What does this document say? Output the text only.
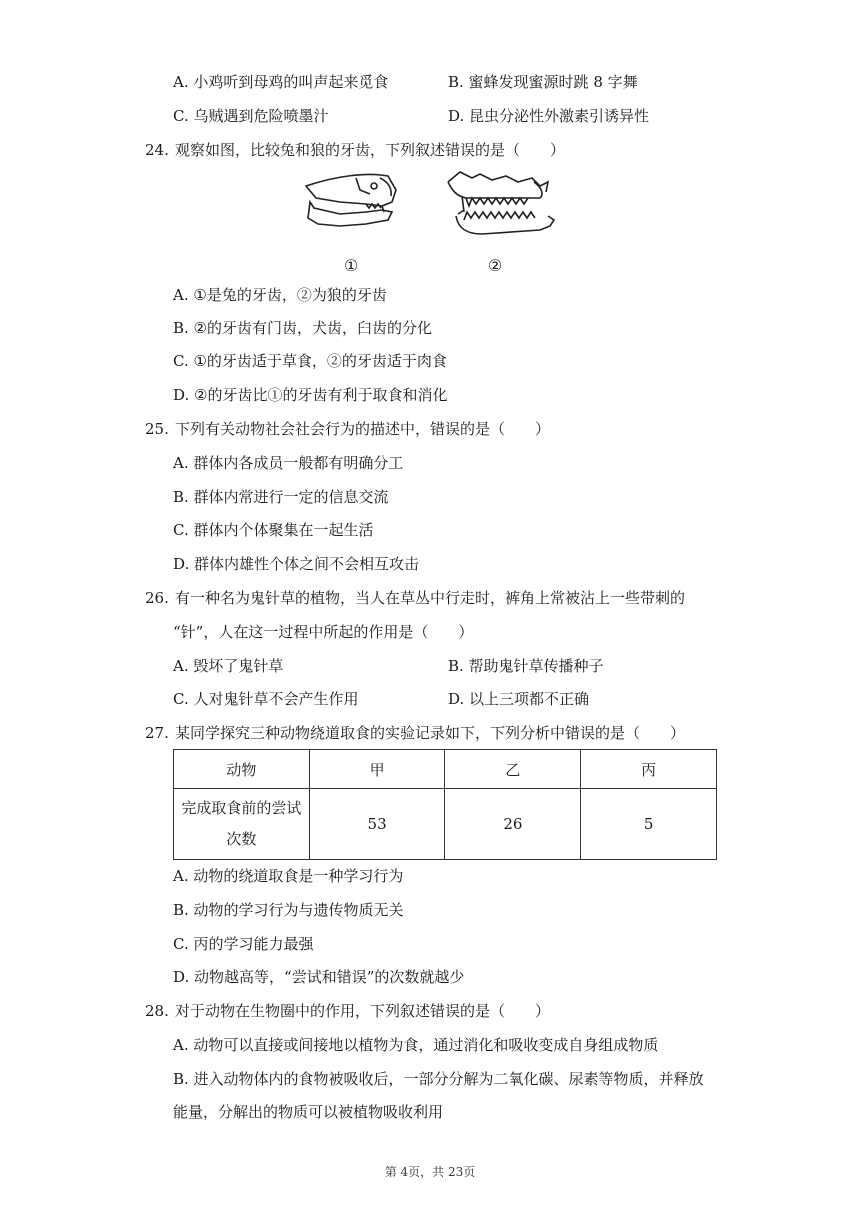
A. 小鸡听到母鸡的叫声起来觅食	B. 蜜蜂发现蜜源时跳 8 字舞
C. 乌贼遇到危险喷墨汁	D. 昆虫分泌性外激素引诱异性
24. 观察如图，比较兔和狼的牙齿，下列叙述错误的是（　　）
①	②
A. ①是兔的牙齿，②为狼的牙齿
B. ②的牙齿有门齿，犬齿，臼齿的分化
C. ①的牙齿适于草食，②的牙齿适于肉食
D. ②的牙齿比①的牙齿有利于取食和消化
25. 下列有关动物社会社会行为的描述中，错误的是（　　）
A. 群体内各成员一般都有明确分工
B. 群体内常进行一定的信息交流
C. 群体内个体聚集在一起生活
D. 群体内雄性个体之间不会相互攻击
26. 有一种名为鬼针草的植物，当人在草丛中行走时，裤角上常被沾上一些带刺的
“针”，人在这一过程中所起的作用是（　　）
A. 毁坏了鬼针草	B. 帮助鬼针草传播种子
C. 人对鬼针草不会产生作用	D. 以上三项都不正确
27. 某同学探究三种动物绕道取食的实验记录如下，下列分析中错误的是（　　）
动物	甲	乙	丙
完成取食前的尝试
次数	53	26	5
A. 动物的绕道取食是一种学习行为
B. 动物的学习行为与遗传物质无关
C. 丙的学习能力最强
D. 动物越高等，“尝试和错误”的次数就越少
28. 对于动物在生物圈中的作用，下列叙述错误的是（　　）
A. 动物可以直接或间接地以植物为食，通过消化和吸收变成自身组成物质
B. 进入动物体内的食物被吸收后，一部分分解为二氧化碳、尿素等物质，并释放
能量，分解出的物质可以被植物吸收利用
第 4页，共 23页
